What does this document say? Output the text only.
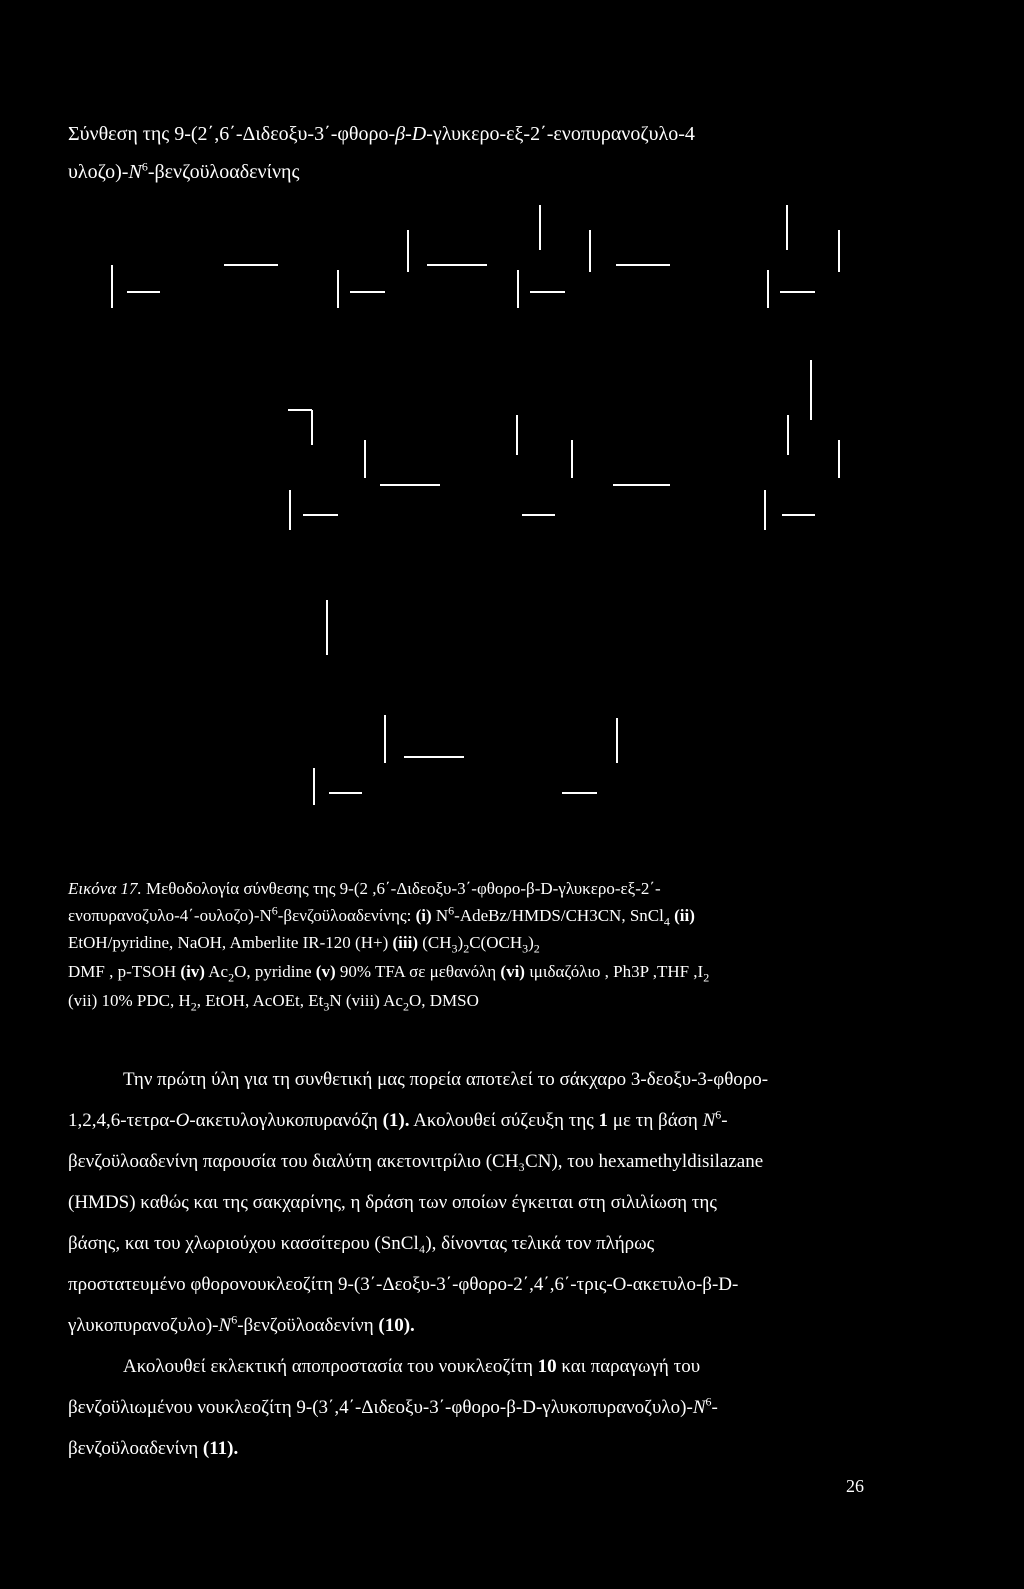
Σύνθεση της 9-(2΄,6΄-Διδεοξυ-3΄-φθορο-β-D-γλυκερο-εξ-2΄-ενοπυρανοζυλο-4
$\upsilon\lambda o\zeta o)-N^6$-βενζοϋλοαδενίνης
Εικόνα 17. Μεθοδολογία σύνθεσης της 9-(2 ,6΄-Διδεοξυ-3΄-φθορο-β-D-γλυκερο-εξ-2΄-
ενοπυρανοζυλο-$4΄-o\upsilon\lambda o\zeta o)-N^6$-βενζοϋλοαδενίνης: (i) $N^6-AdeBz/HMDS/CH3CN$, SnCl$_4$ (ii)
EtOH/pyridine, NaOH, Amberlite IR-120 (H+) (iii) $(CH_3)_2C(OCH_3)_2$
DMF , p-TSOH (iv) $Ac_2O$, pyridine (v) 90% TFA σε μεθανόλη (vi) ιμιδαζόλιο , Ph3P ,THF $,I_2$
(vii) 10% PDC, $H_2$, EtOH, AcOEt, $Et_3N$ (viii) $Ac_2O$, DMSO
Την πρώτη ύλη για τη συνθετική μας πορεία αποτελεί το σάκχαρο 3-δεοξυ-3-φθορο-
1,2,4,6-τετρα-O-ακετυλογλυκοπυρανόζη (1). Ακολουθεί σύζευξη της 1 με τη βάση $N^6-$
βενζοϋλοαδενίνη παρουσία του διαλύτη ακετονιτρίλιο (CH₃CN), του hexamethyldisilazane
(HMDS) καθώς και της σακχαρίνης, η δράση των οποίων έγκειται στη σιλιλίωση της
βάσης, και του χλωριούχου κασσίτερου (SnCl₄), δίνοντας τελικά τον πλήρως
προστατευμένο φθορονουκλεοζίτη 9-(3΄-Δεοξυ-3΄-φθορο-2΄,4΄,6΄-τρις-O-ακετυλο-β-D-
$\gamma\lambda\upsilon\kappa o\pi\upsilon\rho\alpha\nu o\zeta\upsilon\lambda o)-N^6$-βενζοϋλοαδενίνη (10).
Ακολουθεί εκλεκτική αποπροστασία του νουκλεοζίτη 10 και παραγωγή του
βενζοϋλιωμένου νουκλεοζίτη $9-(3΄,4΄-\Delta\iota\delta\varepsilon o\xi\upsilon-3΄-\varphi\theta o\rho o-\beta-D-\gamma\lambda\upsilon\kappa o\pi\upsilon\rho\alpha\nu o\zeta\upsilon\lambda o)-N^6-$
βενζοϋλοαδενίνη (11).
26
